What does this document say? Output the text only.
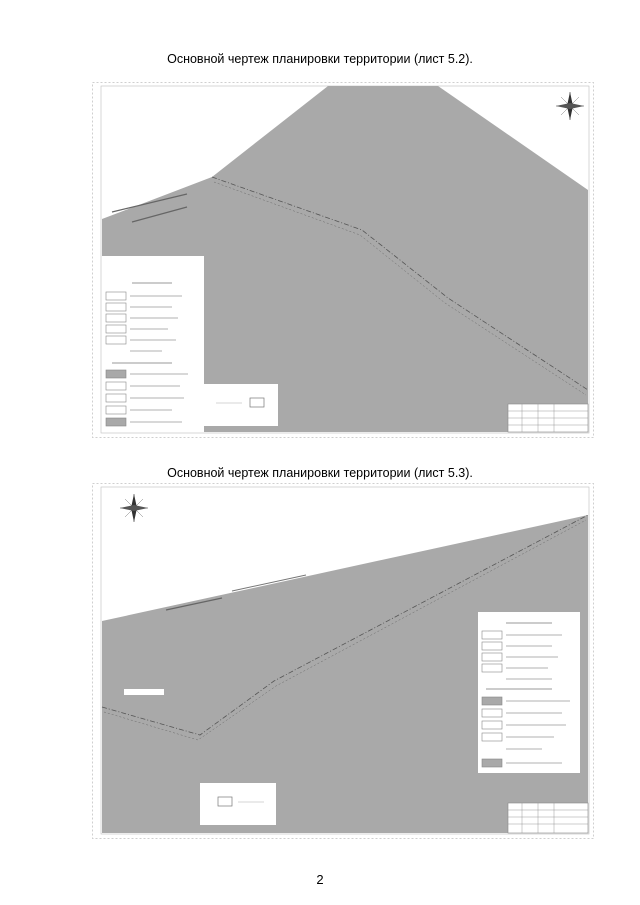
Основной чертеж планировки территории (лист 5.2).
Основной чертеж планировки территории (лист 5.3).
2
